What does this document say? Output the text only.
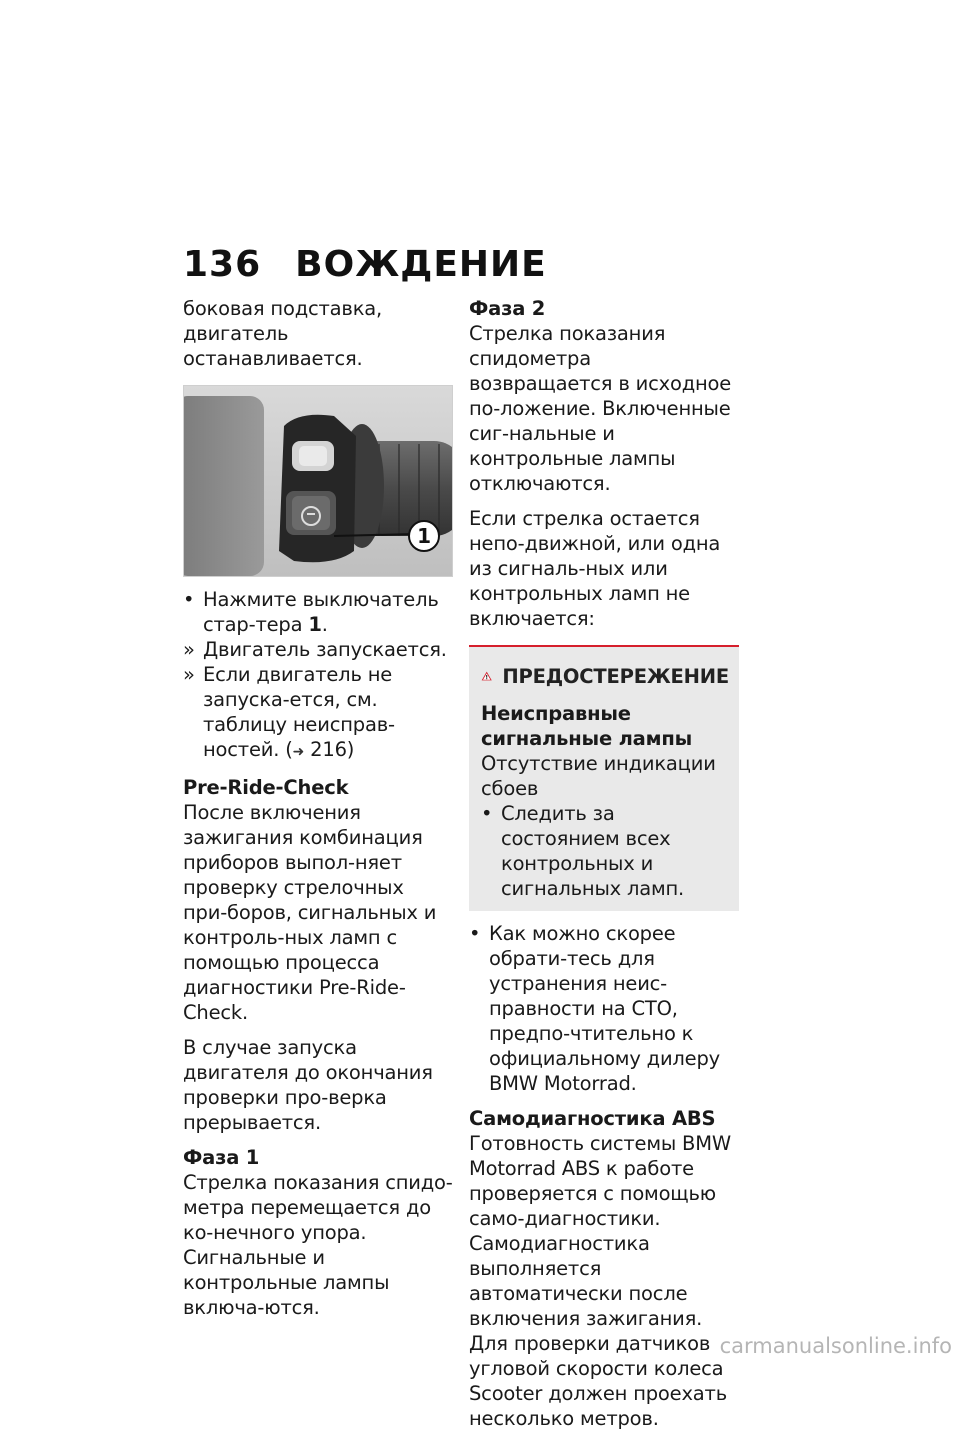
136 ВОЖДЕНИЕ

боковая подставка, двигатель останавливается.

1
• Нажмите выключатель стар-тера 1.
» Двигатель запускается.
» Если двигатель не запуска-ется, см. таблицу неисправ-ностей. (➜ 216)
Pre-Ride-Check

После включения зажигания комбинация приборов выпол-няет проверку стрелочных при-боров, сигнальных и контроль-ных ламп с помощью процесса диагностики Pre-Ride-Check.

В случае запуска двигателя до окончания проверки про-верка прерывается.

Фаза 1

Стрелка показания спидо-метра перемещается до ко-нечного упора. Сигнальные и контрольные лампы включа-ются.

Фаза 2

Стрелка показания спидометра возвращается в исходное по-ложение. Включенные сиг-нальные и контрольные лампы отключаются.

Если стрелка остается непо-движной, или одна из сигналь-ных или контрольных ламп не включается:

ПРЕДОСТЕРЕЖЕНИЕ

Неисправные сигнальные лампы

Отсутствие индикации сбоев

• Следить за состоянием всех контрольных и сигнальных ламп.
• Как можно скорее обрати-тесь для устранения неис-правности на СТО, предпо-чтительно к официальному дилеру BMW Motorrad.
Самодиагностика ABS

Готовность системы BMW Motorrad ABS к работе проверяется с помощью само-диагностики. Самодиагностика выполняется автоматически после включения зажигания. Для проверки датчиков угловой скорости колеса Scooter должен проехать несколько метров.

carmanualsonline.info
